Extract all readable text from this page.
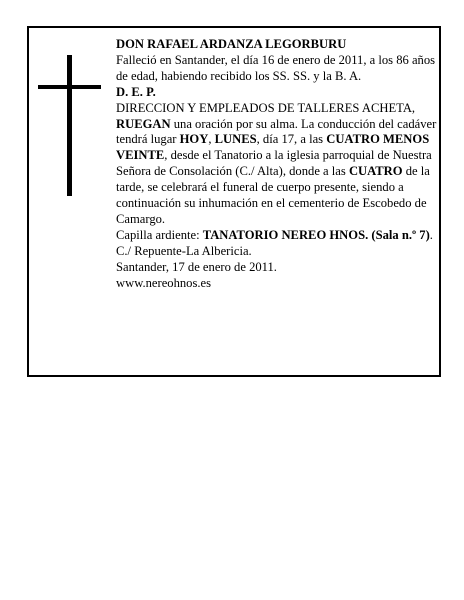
DON RAFAEL ARDANZA LEGORBURU

Falleció en Santander, el día 16 de enero de 2011, a los 86 años de edad, habiendo recibido los SS. SS. y la B. A.

D. E. P.

DIRECCION Y EMPLEADOS DE TALLERES ACHETA,

RUEGAN una oración por su alma. La conducción del cadáver tendrá lugar HOY, LUNES, día 17, a las CUATRO MENOS VEINTE, desde el Tanatorio a la iglesia parroquial de Nuestra Señora de Consolación (C./ Alta), donde a las CUATRO de la tarde, se celebrará el funeral de cuerpo presente, siendo a continuación su inhumación en el cementerio de Escobedo de Camargo.

Capilla ardiente: TANATORIO NEREO HNOS. (Sala n.º 7). C./ Repuente-La Albericia.

Santander, 17 de enero de 2011.

www.nereohnos.es
